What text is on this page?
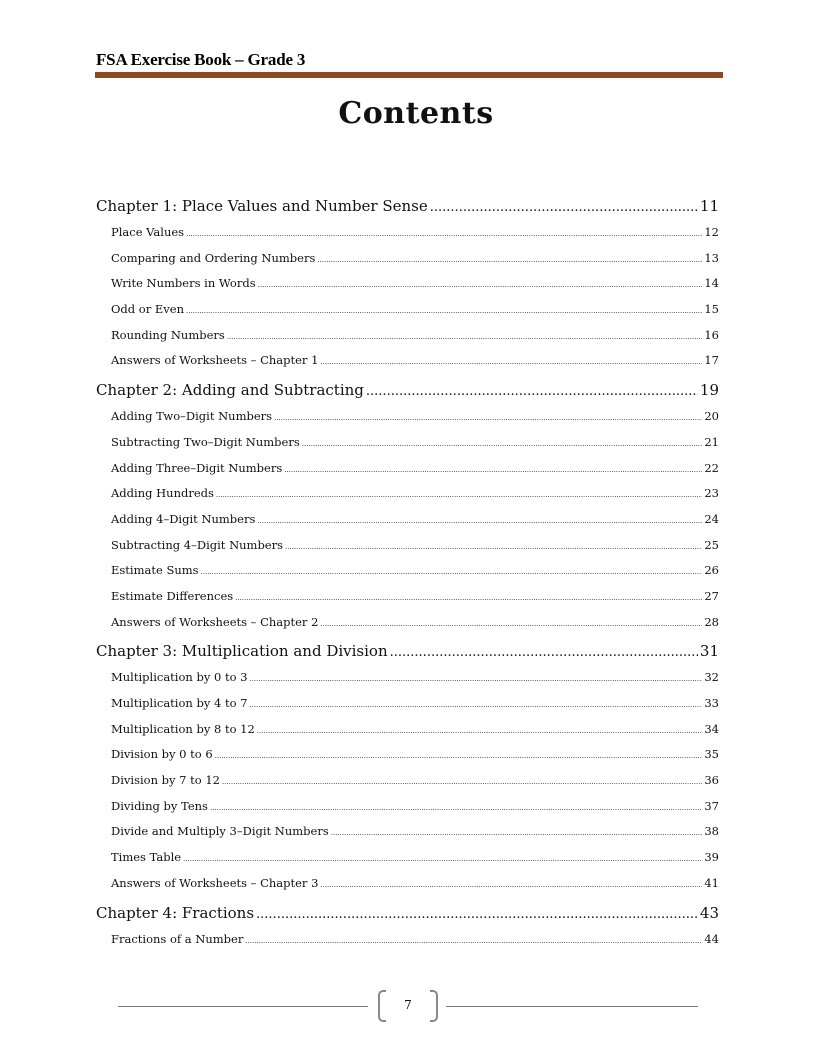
FSA Exercise Book – Grade 3
Contents
Chapter 1: Place Values and Number Sense .....	11
Place Values .....	12
Comparing and Ordering Numbers .....	13
Write Numbers in Words .....	14
Odd or Even .....	15
Rounding Numbers .....	16
Answers of Worksheets – Chapter 1 .....	17
Chapter 2: Adding and Subtracting .....	19
Adding Two–Digit Numbers .....	20
Subtracting Two–Digit Numbers .....	21
Adding Three–Digit Numbers .....	22
Adding Hundreds .....	23
Adding 4–Digit Numbers .....	24
Subtracting 4–Digit Numbers .....	25
Estimate Sums .....	26
Estimate Differences .....	27
Answers of Worksheets – Chapter 2 .....	28
Chapter 3: Multiplication and Division .....	31
Multiplication by 0 to 3 .....	32
Multiplication by 4 to 7 .....	33
Multiplication by 8 to 12 .....	34
Division by 0 to 6 .....	35
Division by 7 to 12 .....	36
Dividing by Tens .....	37
Divide and Multiply 3–Digit Numbers .....	38
Times Table .....	39
Answers of Worksheets – Chapter 3 .....	41
Chapter 4: Fractions .....	43
Fractions of a Number .....	44
7
